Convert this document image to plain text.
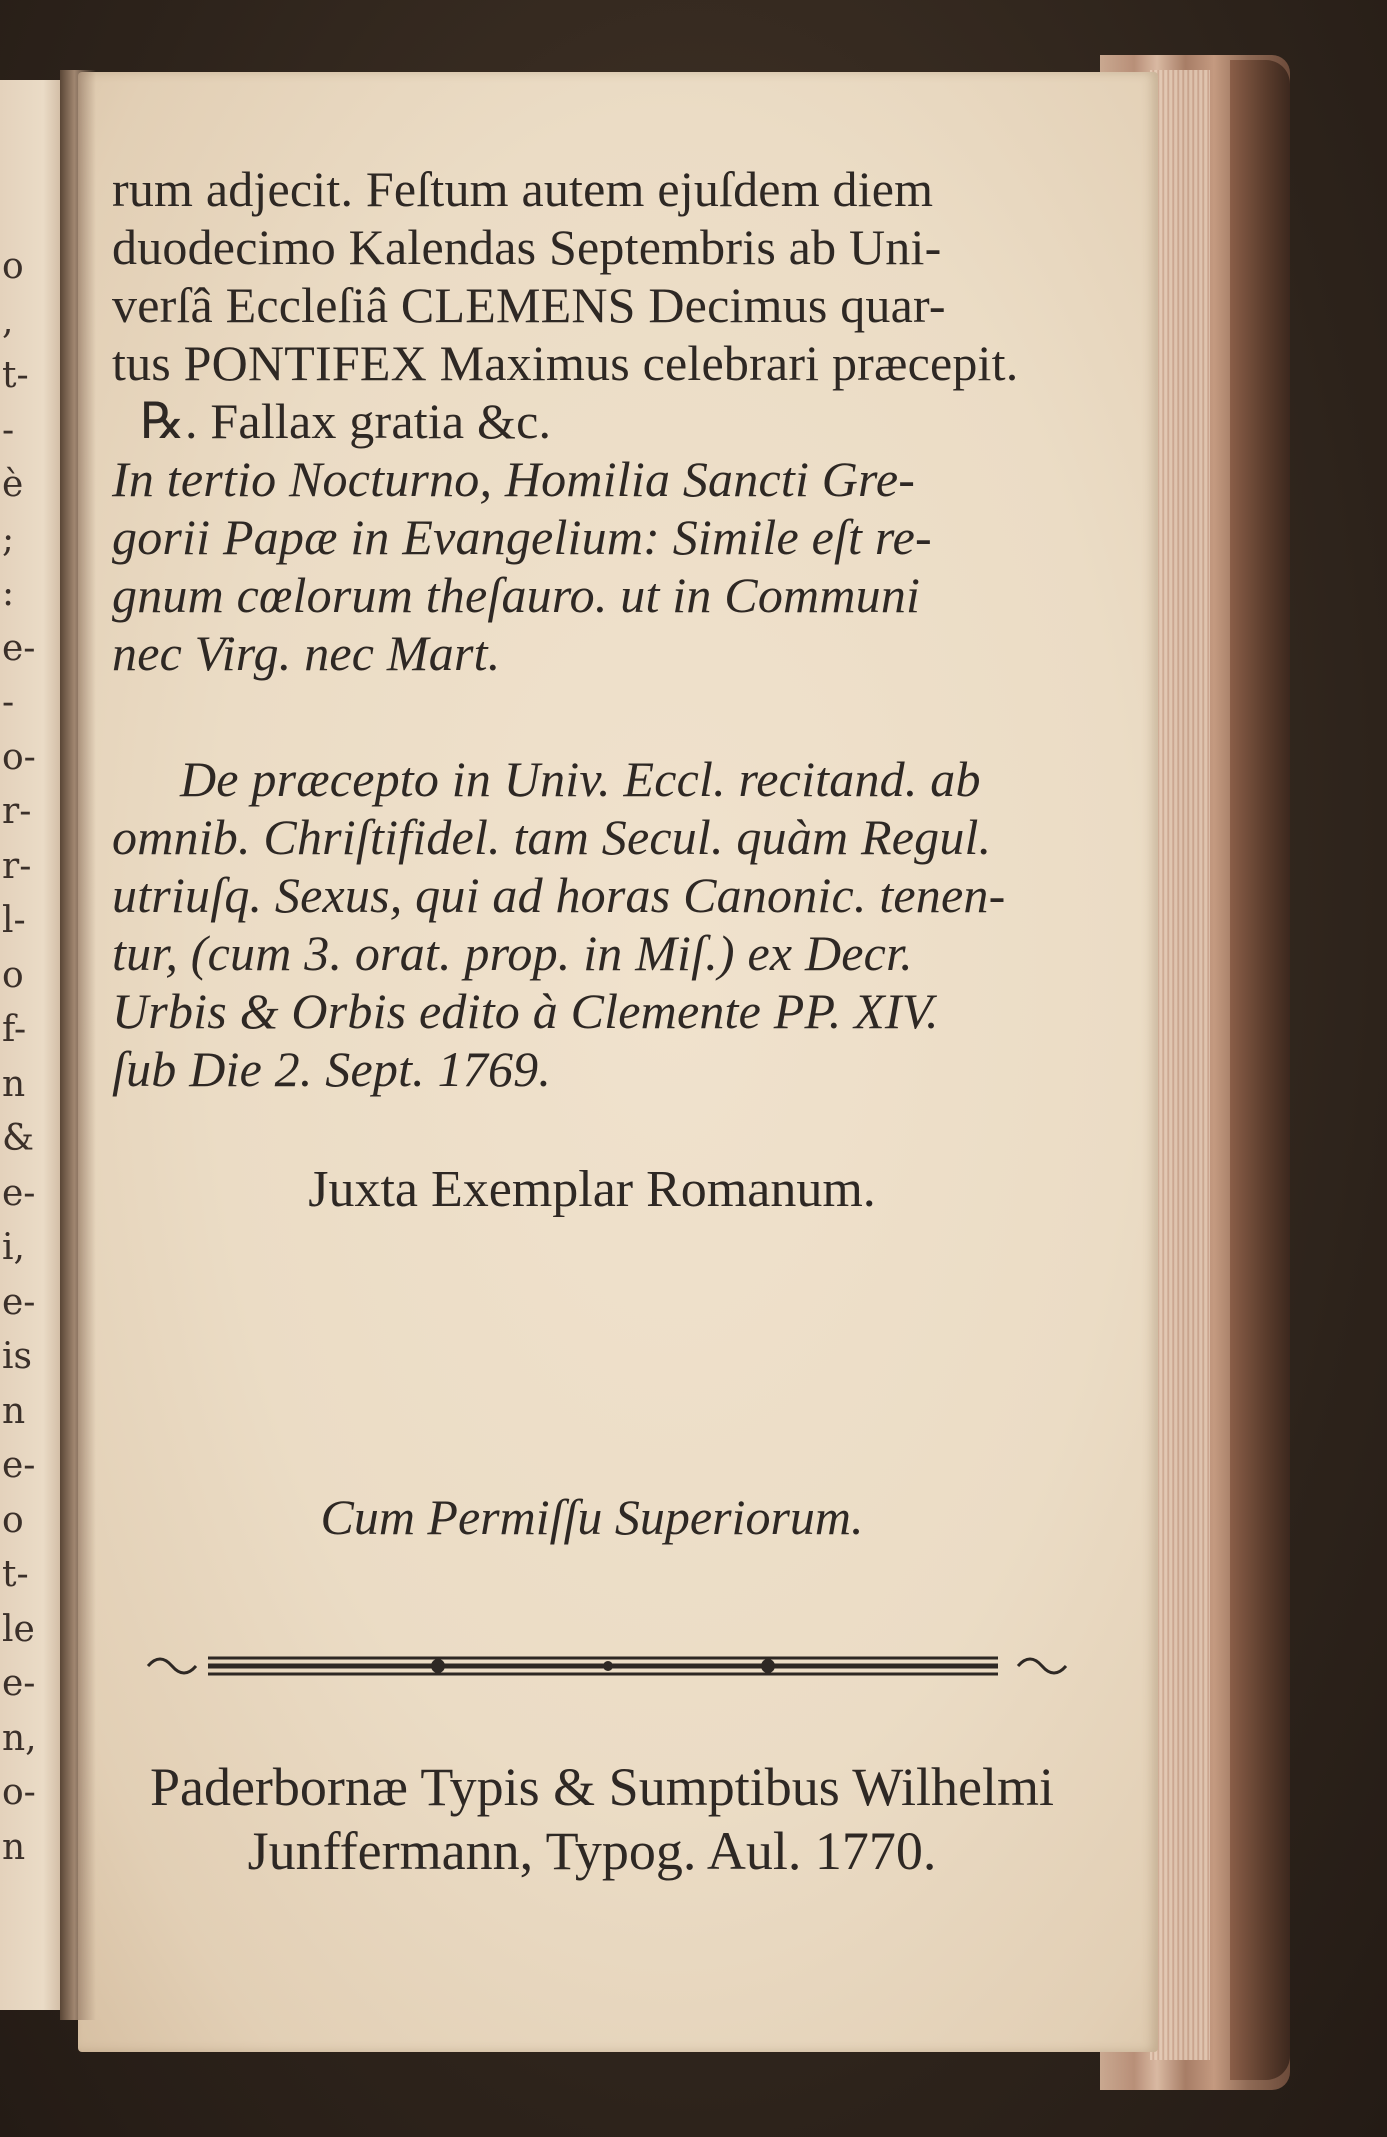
o
,
t-
-
è
;
:
e-
-
o-
r-
r-
l-
o
f-
n
&
e-
i,
e-
is
n
e-
o
t-
le
e-
n,
o-
n
rum adjecit. Feſtum autem ejuſdem diem
duodecimo Kalendas Septembris ab Uni-
verſâ Eccleſiâ CLEMENS Decimus quar-
tus PONTIFEX Maximus celebrari præcepit.
℞. Fallax gratia &c.
In tertio Nocturno, Homilia Sancti Gre-
gorii Papæ in Evangelium: Simile eſt re-
gnum cœlorum theſauro. ut in Communi
nec Virg. nec Mart.
De præcepto in Univ. Eccl. recitand. ab
omnib. Chriſtifidel. tam Secul. quàm Regul.
utriuſq. Sexus, qui ad horas Canonic. tenen-
tur, (cum 3. orat. prop. in Miſ.) ex Decr.
Urbis & Orbis edito à Clemente PP. XIV.
ſub Die 2. Sept. 1769.
Juxta Exemplar Romanum.
Cum Permiſſu Superiorum.
Paderbornæ Typis & Sumptibus Wilhelmi
Junffermann, Typog. Aul. 1770.
